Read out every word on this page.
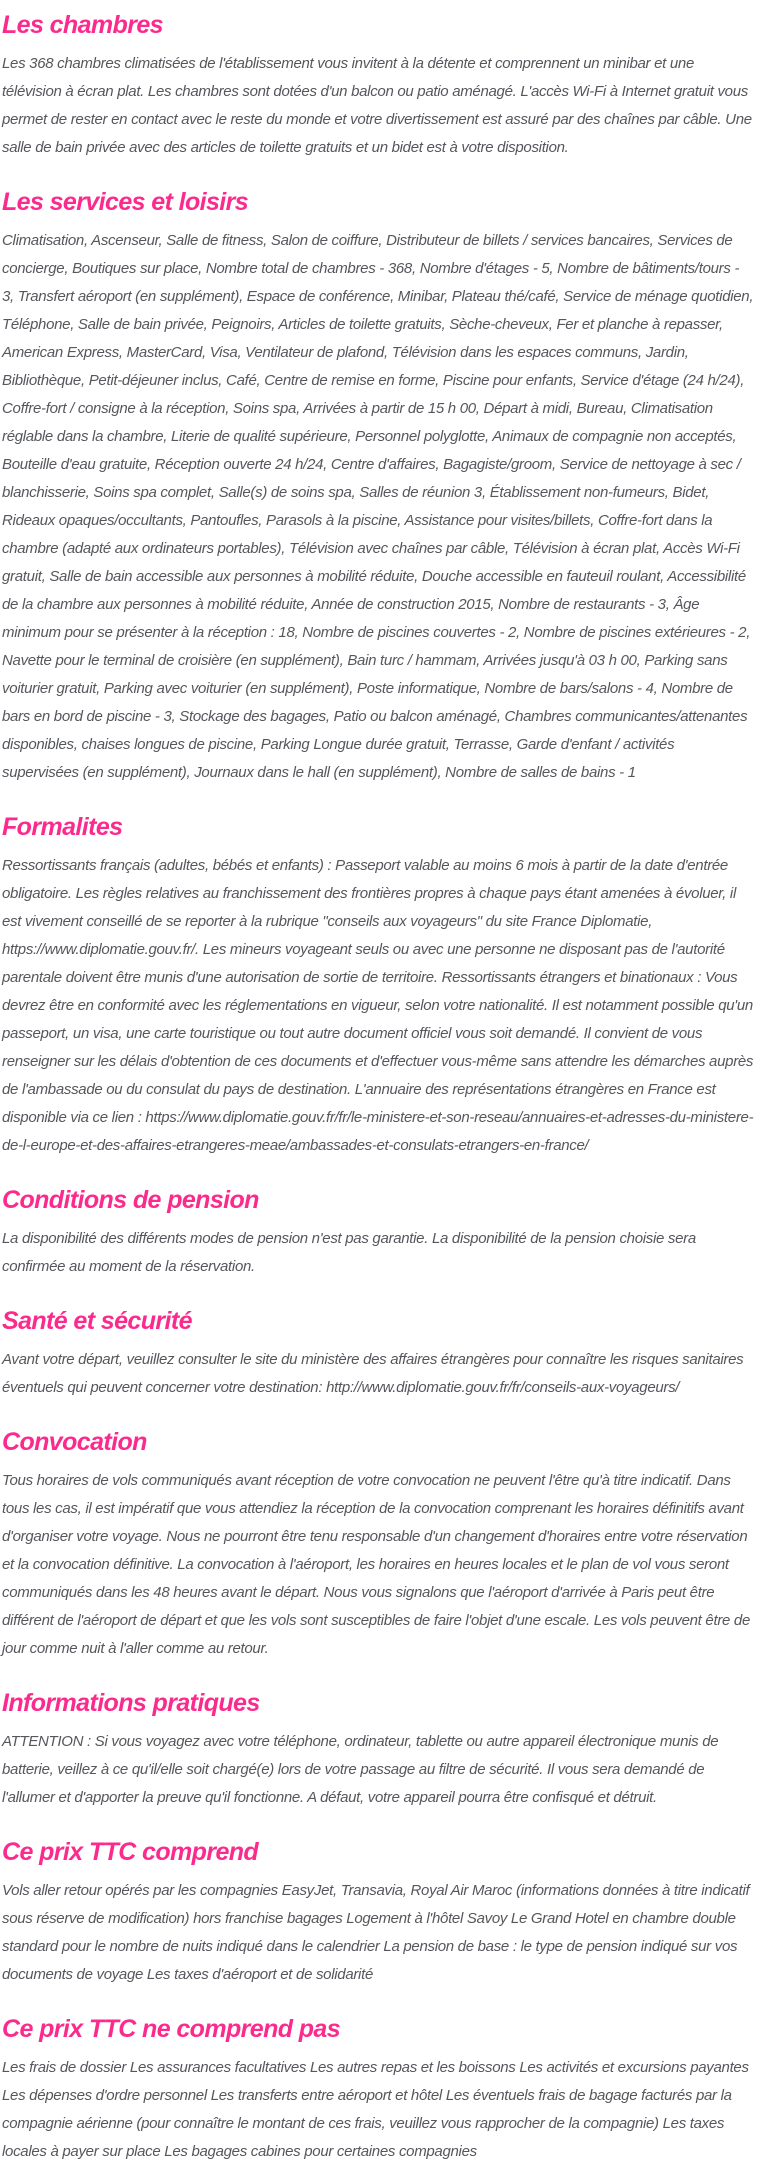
Les chambres

Les 368 chambres climatisées de l'établissement vous invitent à la détente et comprennent un minibar et une télévision à écran plat. Les chambres sont dotées d'un balcon ou patio aménagé. L'accès Wi-Fi à Internet gratuit vous permet de rester en contact avec le reste du monde et votre divertissement est assuré par des chaînes par câble. Une salle de bain privée avec des articles de toilette gratuits et un bidet est à votre disposition.

Les services et loisirs

Climatisation, Ascenseur, Salle de fitness, Salon de coiffure, Distributeur de billets / services bancaires, Services de concierge, Boutiques sur place, Nombre total de chambres - 368, Nombre d'étages - 5, Nombre de bâtiments/tours - 3, Transfert aéroport (en supplément), Espace de conférence, Minibar, Plateau thé/café, Service de ménage quotidien, Téléphone, Salle de bain privée, Peignoirs, Articles de toilette gratuits, Sèche-cheveux, Fer et planche à repasser, American Express, MasterCard, Visa, Ventilateur de plafond, Télévision dans les espaces communs, Jardin, Bibliothèque, Petit-déjeuner inclus, Café, Centre de remise en forme, Piscine pour enfants, Service d'étage (24 h/24), Coffre-fort / consigne à la réception, Soins spa, Arrivées à partir de 15 h 00, Départ à midi, Bureau, Climatisation réglable dans la chambre, Literie de qualité supérieure, Personnel polyglotte, Animaux de compagnie non acceptés, Bouteille d'eau gratuite, Réception ouverte 24 h/24, Centre d'affaires, Bagagiste/groom, Service de nettoyage à sec / blanchisserie, Soins spa complet, Salle(s) de soins spa, Salles de réunion 3, Établissement non-fumeurs, Bidet, Rideaux opaques/occultants, Pantoufles, Parasols à la piscine, Assistance pour visites/billets, Coffre-fort dans la chambre (adapté aux ordinateurs portables), Télévision avec chaînes par câble, Télévision à écran plat, Accès Wi-Fi gratuit, Salle de bain accessible aux personnes à mobilité réduite, Douche accessible en fauteuil roulant, Accessibilité de la chambre aux personnes à mobilité réduite, Année de construction 2015, Nombre de restaurants - 3, Âge minimum pour se présenter à la réception : 18, Nombre de piscines couvertes - 2, Nombre de piscines extérieures - 2, Navette pour le terminal de croisière (en supplément), Bain turc / hammam, Arrivées jusqu'à 03 h 00, Parking sans voiturier gratuit, Parking avec voiturier (en supplément), Poste informatique, Nombre de bars/salons - 4, Nombre de bars en bord de piscine - 3, Stockage des bagages, Patio ou balcon aménagé, Chambres communicantes/attenantes disponibles, chaises longues de piscine, Parking Longue durée gratuit, Terrasse, Garde d'enfant / activités supervisées (en supplément), Journaux dans le hall (en supplément), Nombre de salles de bains - 1

Formalites

Ressortissants français (adultes, bébés et enfants) : Passeport valable au moins 6 mois à partir de la date d'entrée obligatoire. Les règles relatives au franchissement des frontières propres à chaque pays étant amenées à évoluer, il est vivement conseillé de se reporter à la rubrique "conseils aux voyageurs" du site France Diplomatie, https://www.diplomatie.gouv.fr/. Les mineurs voyageant seuls ou avec une personne ne disposant pas de l'autorité parentale doivent être munis d'une autorisation de sortie de territoire. Ressortissants étrangers et binationaux : Vous devrez être en conformité avec les réglementations en vigueur, selon votre nationalité. Il est notamment possible qu'un passeport, un visa, une carte touristique ou tout autre document officiel vous soit demandé. Il convient de vous renseigner sur les délais d'obtention de ces documents et d'effectuer vous-même sans attendre les démarches auprès de l'ambassade ou du consulat du pays de destination. L'annuaire des représentations étrangères en France est disponible via ce lien : https://www.diplomatie.gouv.fr/fr/le-ministere-et-son-reseau/annuaires-et-adresses-du-ministere-de-l-europe-et-des-affaires-etrangeres-meae/ambassades-et-consulats-etrangers-en-france/

Conditions de pension

La disponibilité des différents modes de pension n'est pas garantie. La disponibilité de la pension choisie sera confirmée au moment de la réservation.

Santé et sécurité

Avant votre départ, veuillez consulter le site du ministère des affaires étrangères pour connaître les risques sanitaires éventuels qui peuvent concerner votre destination: http://www.diplomatie.gouv.fr/fr/conseils-aux-voyageurs/

Convocation

Tous horaires de vols communiqués avant réception de votre convocation ne peuvent l'être qu'à titre indicatif. Dans tous les cas, il est impératif que vous attendiez la réception de la convocation comprenant les horaires définitifs avant d'organiser votre voyage. Nous ne pourront être tenu responsable d'un changement d'horaires entre votre réservation et la convocation définitive. La convocation à l'aéroport, les horaires en heures locales et le plan de vol vous seront communiqués dans les 48 heures avant le départ. Nous vous signalons que l'aéroport d'arrivée à Paris peut être différent de l'aéroport de départ et que les vols sont susceptibles de faire l'objet d'une escale. Les vols peuvent être de jour comme nuit à l'aller comme au retour.

Informations pratiques

ATTENTION : Si vous voyagez avec votre téléphone, ordinateur, tablette ou autre appareil électronique munis de batterie, veillez à ce qu'il/elle soit chargé(e) lors de votre passage au filtre de sécurité. Il vous sera demandé de l'allumer et d'apporter la preuve qu'il fonctionne. A défaut, votre appareil pourra être confisqué et détruit.

Ce prix TTC comprend

Vols aller retour opérés par les compagnies EasyJet, Transavia, Royal Air Maroc (informations données à titre indicatif sous réserve de modification) hors franchise bagages Logement à l'hôtel Savoy Le Grand Hotel en chambre double standard pour le nombre de nuits indiqué dans le calendrier La pension de base : le type de pension indiqué sur vos documents de voyage Les taxes d'aéroport et de solidarité

Ce prix TTC ne comprend pas

Les frais de dossier Les assurances facultatives Les autres repas et les boissons Les activités et excursions payantes Les dépenses d'ordre personnel Les transferts entre aéroport et hôtel Les éventuels frais de bagage facturés par la compagnie aérienne (pour connaître le montant de ces frais, veuillez vous rapprocher de la compagnie) Les taxes locales à payer sur place Les bagages cabines pour certaines compagnies
